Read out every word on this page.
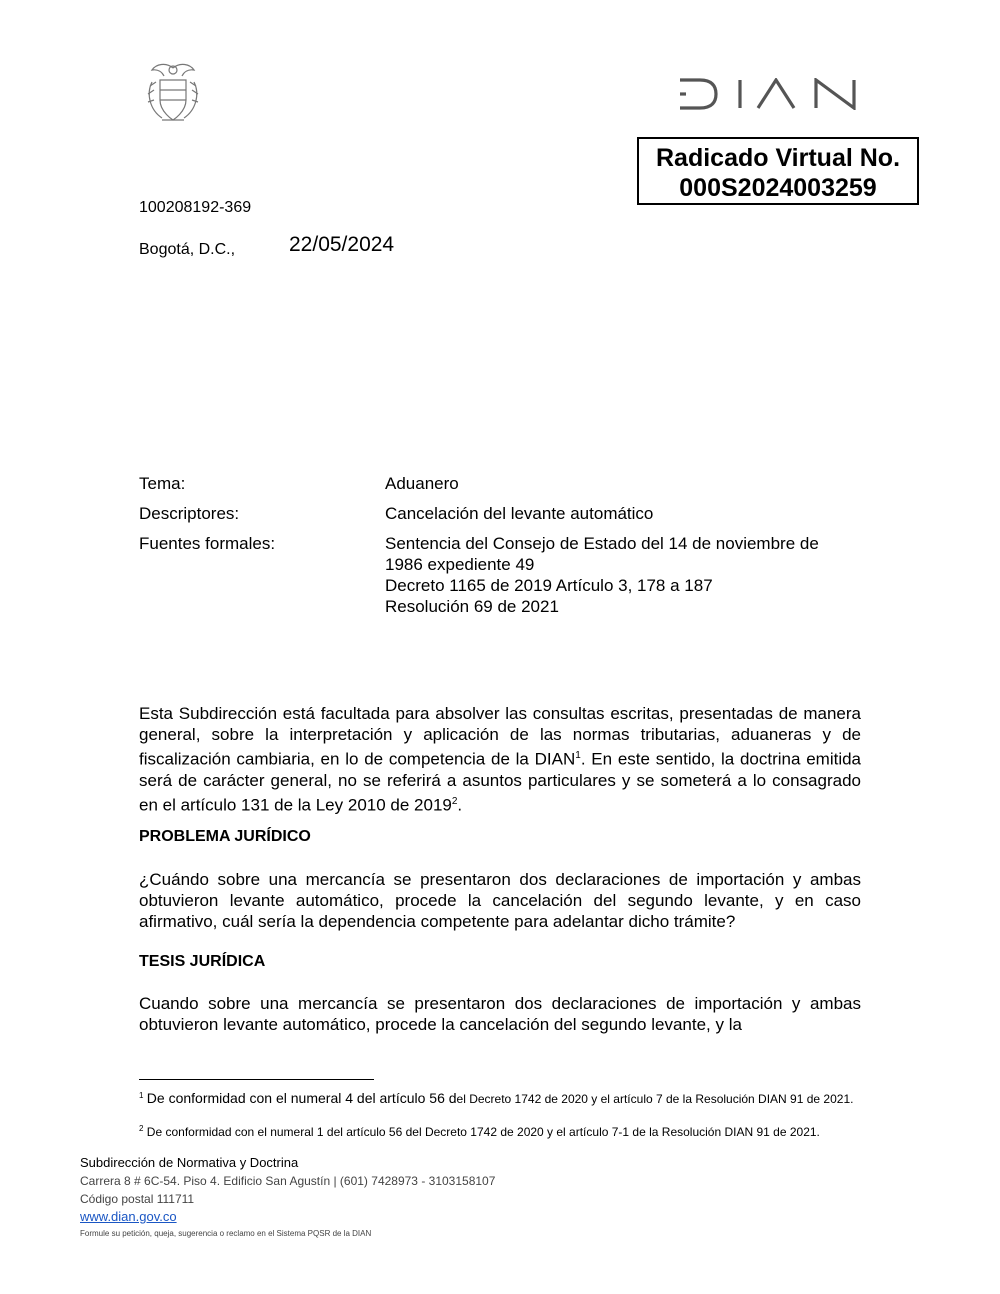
Radicado Virtual No.
000S2024003259
100208192-369
Bogotá, D.C.,	22/05/2024
Tema:	Aduanero
Descriptores:	Cancelación del levante automático
Fuentes formales:	Sentencia del Consejo de Estado del 14 de noviembre de
1986 expediente 49
Decreto 1165 de 2019 Artículo 3, 178 a 187
Resolución 69 de 2021
Esta Subdirección está facultada para absolver las consultas escritas, presentadas de manera general, sobre la interpretación y aplicación de las normas tributarias, aduaneras y de fiscalización cambiaria, en lo de competencia de la DIAN$^1$. En este sentido, la doctrina emitida será de carácter general, no se referirá a asuntos particulares y se someterá a lo consagrado en el artículo 131 de la Ley 2010 de 2019$^2$.
PROBLEMA JURÍDICO
¿Cuándo sobre una mercancía se presentaron dos declaraciones de importación y ambas obtuvieron levante automático, procede la cancelación del segundo levante, y en caso afirmativo, cuál sería la dependencia competente para adelantar dicho trámite?
TESIS JURÍDICA
Cuando sobre una mercancía se presentaron dos declaraciones de importación y ambas obtuvieron levante automático, procede la cancelación del segundo levante, y la
$^1$ De conformidad con el numeral 4 del artículo 56 del Decreto 1742 de 2020 y el artículo 7 de la Resolución DIAN 91 de 2021.
$^2$ De conformidad con el numeral 1 del artículo 56 del Decreto 1742 de 2020 y el artículo 7-1 de la Resolución DIAN 91 de 2021.
Subdirección de Normativa y Doctrina
Carrera 8 # 6C-54. Piso 4. Edificio San Agustín | (601) 7428973 - 3103158107
Código postal 111711
www.dian.gov.co
Formule su petición, queja, sugerencia o reclamo en el Sistema PQSR de la DIAN
